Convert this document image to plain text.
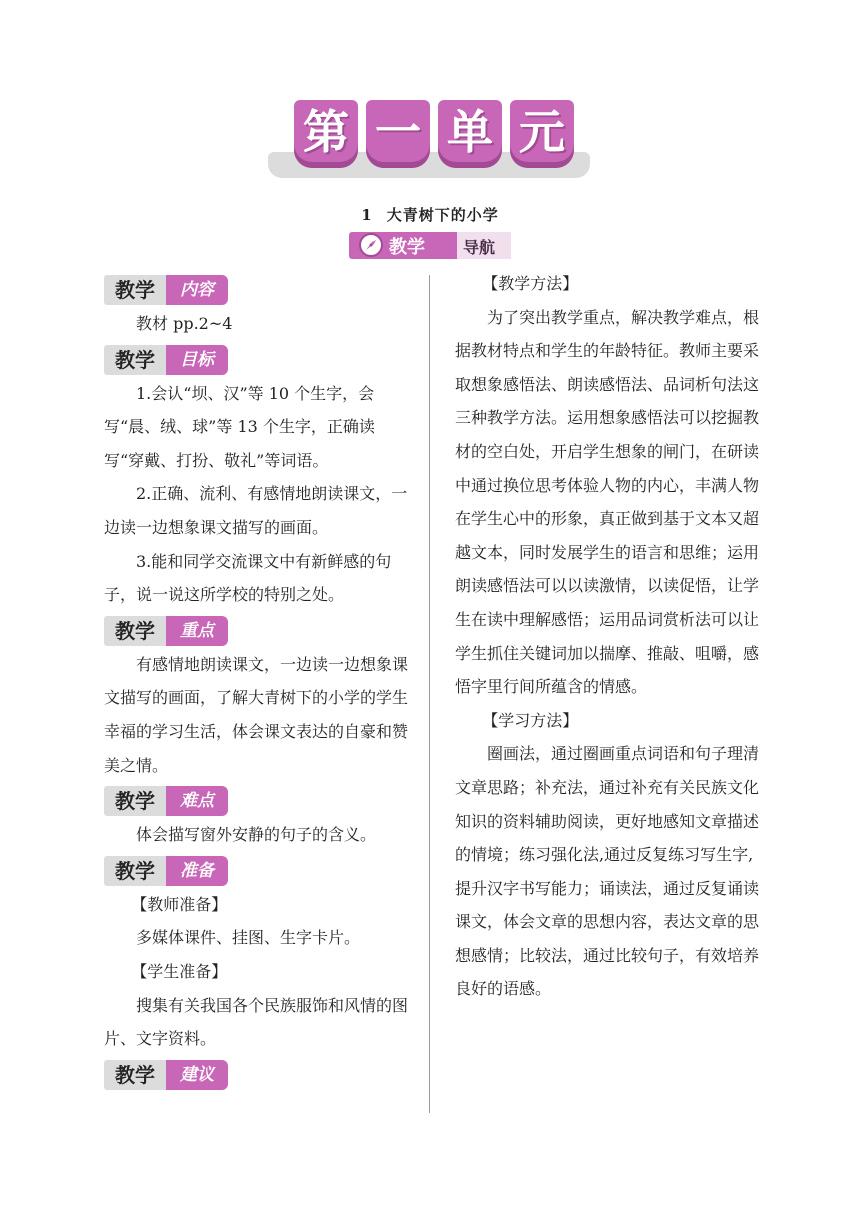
第 一 单 元
1 大青树下的小学
教学 导航
教学	内容

教材 pp.2~4

教学	目标

1.会认“坝、汉”等 10 个生字，会写“晨、绒、球”等 13 个生字，正确读写“穿戴、打扮、敬礼”等词语。

2.正确、流利、有感情地朗读课文，一边读一边想象课文描写的画面。

3.能和同学交流课文中有新鲜感的句子，说一说这所学校的特别之处。

教学	重点

有感情地朗读课文，一边读一边想象课文描写的画面，了解大青树下的小学的学生幸福的学习生活，体会课文表达的自豪和赞美之情。

教学	难点

体会描写窗外安静的句子的含义。

教学	准备

【教师准备】

多媒体课件、挂图、生字卡片。

【学生准备】

搜集有关我国各个民族服饰和风情的图片、文字资料。

教学	建议

【教学方法】

为了突出教学重点，解决教学难点，根据教材特点和学生的年龄特征。教师主要采取想象感悟法、朗读感悟法、品词析句法这三种教学方法。运用想象感悟法可以挖掘教材的空白处，开启学生想象的闸门，在研读中通过换位思考体验人物的内心，丰满人物在学生心中的形象，真正做到基于文本又超越文本，同时发展学生的语言和思维；运用朗读感悟法可以以读激情，以读促悟，让学生在读中理解感悟；运用品词赏析法可以让学生抓住关键词加以揣摩、推敲、咀嚼，感悟字里行间所蕴含的情感。

【学习方法】

圈画法，通过圈画重点词语和句子理清文章思路；补充法，通过补充有关民族文化知识的资料辅助阅读，更好地感知文章描述的情境；练习强化法,通过反复练习写生字,提升汉字书写能力；诵读法，通过反复诵读课文，体会文章的思想内容，表达文章的思想感情；比较法，通过比较句子，有效培养良好的语感。
